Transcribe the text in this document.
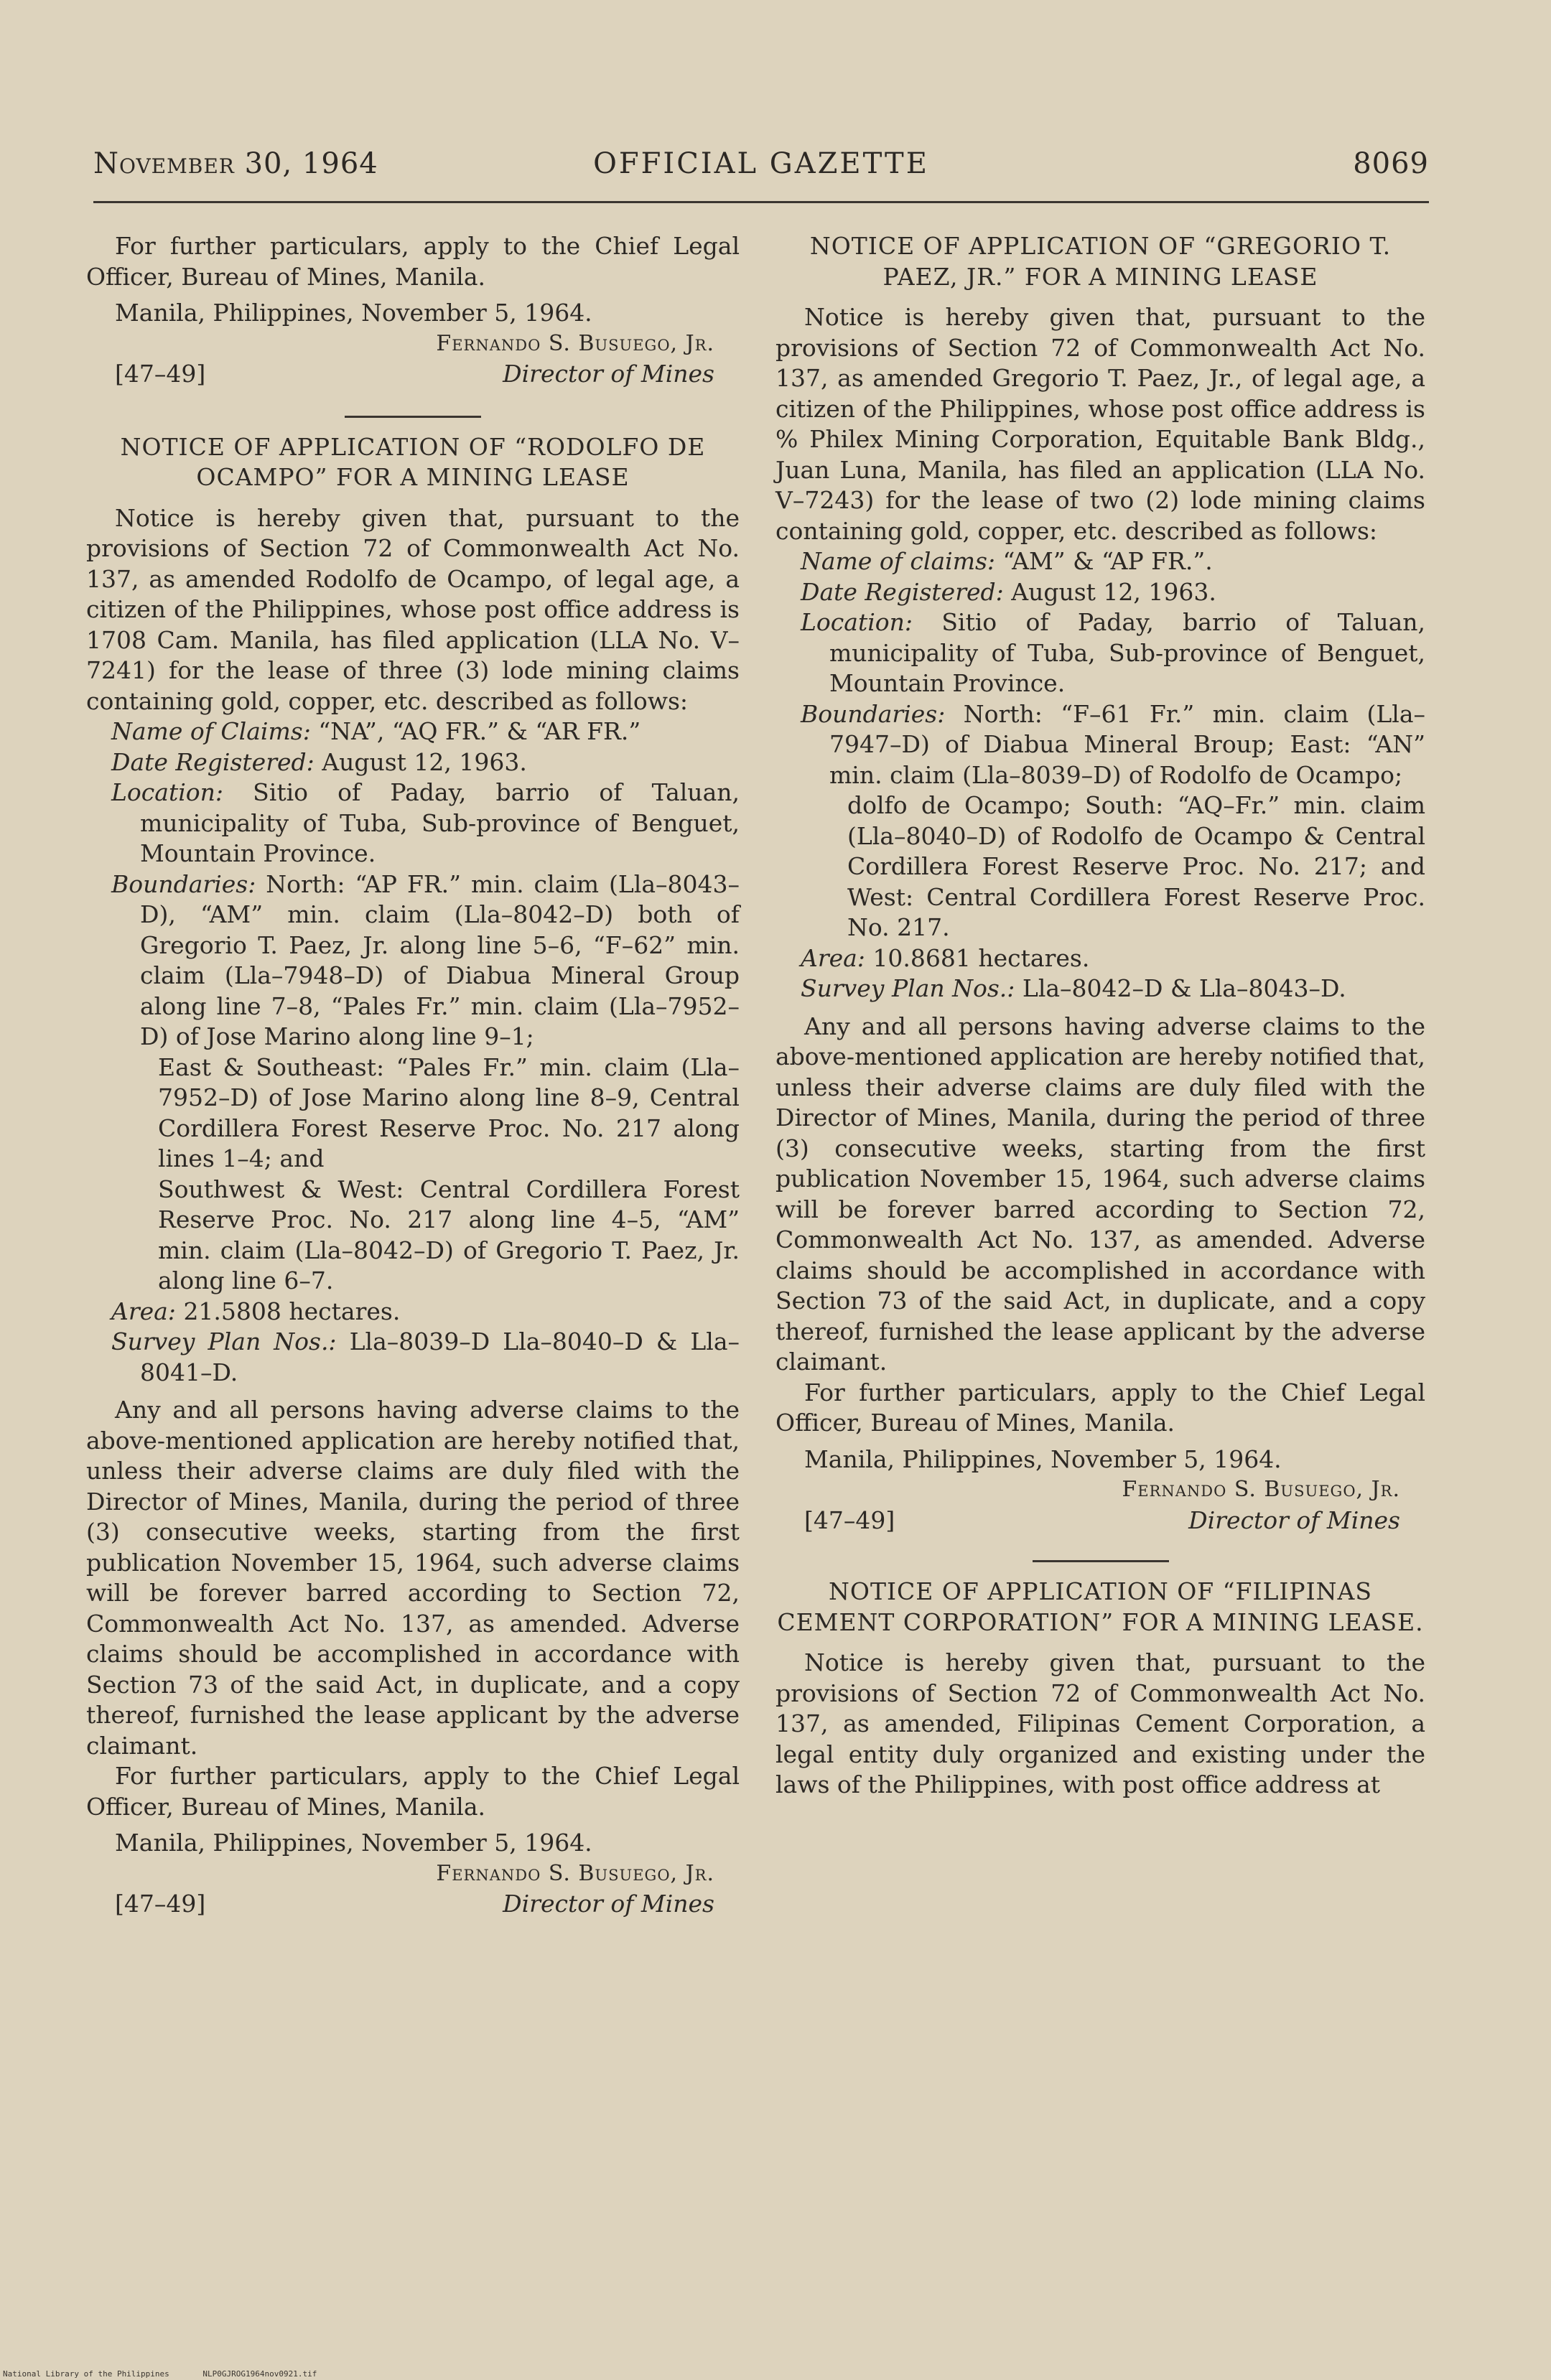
November 30, 1964	OFFICIAL GAZETTE	8069

For further particulars, apply to the Chief Legal Officer, Bureau of Mines, Manila.

Manila, Philippines, November 5, 1964.

Fernando S. Busuego, Jr.

[47–49]	Director of Mines

NOTICE OF APPLICATION OF “RODOLFO DE OCAMPO” FOR A MINING LEASE

Notice is hereby given that, pursuant to the provisions of Section 72 of Commonwealth Act No. 137, as amended Rodolfo de Ocampo, of legal age, a citizen of the Philippines, whose post office address is 1708 Cam. Manila, has filed application (LLA No. V–7241) for the lease of three (3) lode mining claims containing gold, copper, etc. described as follows:

Name of Claims: “NA”, “AQ FR.” & “AR FR.”

Date Registered: August 12, 1963.

Location: Sitio of Paday, barrio of Taluan, municipality of Tuba, Sub-province of Benguet, Mountain Province.

Boundaries: North: “AP FR.” min. claim (Lla–8043–D), “AM” min. claim (Lla–8042–D) both of Gregorio T. Paez, Jr. along line 5–6, “F–62” min. claim (Lla–7948–D) of Diabua Mineral Group along line 7–8, “Pales Fr.” min. claim (Lla–7952–D) of Jose Marino along line 9–1;

East & Southeast: “Pales Fr.” min. claim (Lla–7952–D) of Jose Marino along line 8–9, Central Cordillera Forest Reserve Proc. No. 217 along lines 1–4; and

Southwest & West: Central Cordillera Forest Reserve Proc. No. 217 along line 4–5, “AM” min. claim (Lla–8042–D) of Gregorio T. Paez, Jr. along line 6–7.

Area: 21.5808 hectares.

Survey Plan Nos.: Lla–8039–D Lla–8040–D & Lla–8041–D.

Any and all persons having adverse claims to the above-mentioned application are hereby notified that, unless their adverse claims are duly filed with the Director of Mines, Manila, during the period of three (3) consecutive weeks, starting from the first publication November 15, 1964, such adverse claims will be forever barred according to Section 72, Commonwealth Act No. 137, as amended. Adverse claims should be accomplished in accordance with Section 73 of the said Act, in duplicate, and a copy thereof, furnished the lease applicant by the adverse claimant.

For further particulars, apply to the Chief Legal Officer, Bureau of Mines, Manila.

Manila, Philippines, November 5, 1964.

Fernando S. Busuego, Jr.

[47–49]	Director of Mines

NOTICE OF APPLICATION OF “GREGORIO T. PAEZ, JR.” FOR A MINING LEASE

Notice is hereby given that, pursuant to the provisions of Section 72 of Commonwealth Act No. 137, as amended Gregorio T. Paez, Jr., of legal age, a citizen of the Philippines, whose post office address is % Philex Mining Corporation, Equitable Bank Bldg., Juan Luna, Manila, has filed an application (LLA No. V–7243) for the lease of two (2) lode mining claims containing gold, copper, etc. described as follows:

Name of claims: “AM” & “AP FR.”.

Date Registered: August 12, 1963.

Location: Sitio of Paday, barrio of Taluan, municipality of Tuba, Sub-province of Benguet, Mountain Province.

Boundaries: North: “F–61 Fr.” min. claim (Lla–7947–D) of Diabua Mineral Broup; East: “AN” min. claim (Lla–8039–D) of Rodolfo de Ocampo;

dolfo de Ocampo; South: “AQ–Fr.” min. claim (Lla–8040–D) of Rodolfo de Ocampo & Central Cordillera Forest Reserve Proc. No. 217; and West: Central Cordillera Forest Reserve Proc. No. 217.

Area: 10.8681 hectares.

Survey Plan Nos.: Lla–8042–D & Lla–8043–D.

Any and all persons having adverse claims to the above-mentioned application are hereby notified that, unless their adverse claims are duly filed with the Director of Mines, Manila, during the period of three (3) consecutive weeks, starting from the first publication November 15, 1964, such adverse claims will be forever barred according to Section 72, Commonwealth Act No. 137, as amended. Adverse claims should be accomplished in accordance with Section 73 of the said Act, in duplicate, and a copy thereof, furnished the lease applicant by the adverse claimant.

For further particulars, apply to the Chief Legal Officer, Bureau of Mines, Manila.

Manila, Philippines, November 5, 1964.

Fernando S. Busuego, Jr.

[47–49]	Director of Mines

NOTICE OF APPLICATION OF “FILIPINAS CEMENT CORPORATION” FOR A MINING LEASE.

Notice is hereby given that, pursuant to the provisions of Section 72 of Commonwealth Act No. 137, as amended, Filipinas Cement Corporation, a legal entity duly organized and existing under the laws of the Philippines, with post office address at

National Library of the Philippines	NLP0GJROG1964nov0921.tif
